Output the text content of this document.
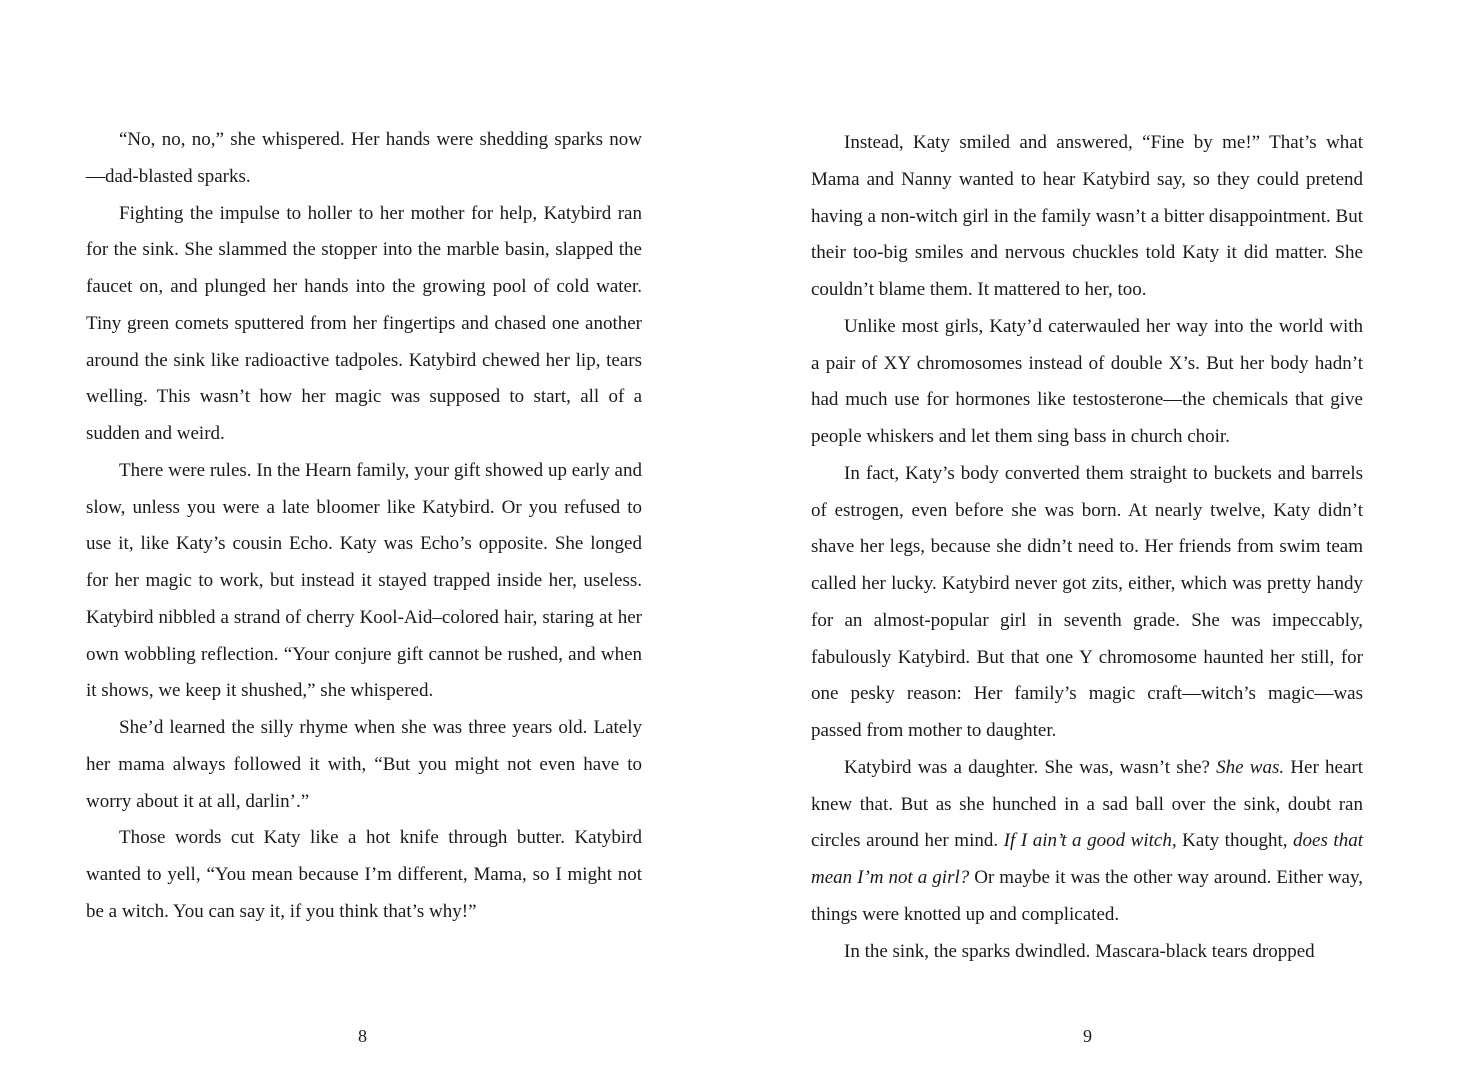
“No, no, no,” she whispered. Her hands were shedding sparks now—dad-blasted sparks.

Fighting the impulse to holler to her mother for help, Katybird ran for the sink. She slammed the stopper into the marble basin, slapped the faucet on, and plunged her hands into the growing pool of cold water. Tiny green comets sputtered from her fingertips and chased one another around the sink like radioactive tadpoles. Katybird chewed her lip, tears welling. This wasn’t how her magic was supposed to start, all of a sudden and weird.

There were rules. In the Hearn family, your gift showed up early and slow, unless you were a late bloomer like Katybird. Or you refused to use it, like Katy’s cousin Echo. Katy was Echo’s opposite. She longed for her magic to work, but instead it stayed trapped inside her, useless. Katybird nibbled a strand of cherry Kool-Aid–colored hair, staring at her own wobbling reflection. “Your conjure gift cannot be rushed, and when it shows, we keep it shushed,” she whispered.

She’d learned the silly rhyme when she was three years old. Lately her mama always followed it with, “But you might not even have to worry about it at all, darlin’.”

Those words cut Katy like a hot knife through butter. Katybird wanted to yell, “You mean because I’m different, Mama, so I might not be a witch. You can say it, if you think that’s why!”

8

Instead, Katy smiled and answered, “Fine by me!” That’s what Mama and Nanny wanted to hear Katybird say, so they could pretend having a non-witch girl in the family wasn’t a bitter disappointment. But their too-big smiles and nervous chuckles told Katy it did matter. She couldn’t blame them. It mattered to her, too.

Unlike most girls, Katy’d caterwauled her way into the world with a pair of XY chromosomes instead of double X’s. But her body hadn’t had much use for hormones like testosterone—the chemicals that give people whiskers and let them sing bass in church choir.

In fact, Katy’s body converted them straight to buckets and barrels of estrogen, even before she was born. At nearly twelve, Katy didn’t shave her legs, because she didn’t need to. Her friends from swim team called her lucky. Katybird never got zits, either, which was pretty handy for an almost-popular girl in seventh grade. She was impeccably, fabulously Katybird. But that one Y chromosome haunted her still, for one pesky reason: Her family’s magic craft—witch’s magic—was passed from mother to daughter.

Katybird was a daughter. She was, wasn’t she? She was. Her heart knew that. But as she hunched in a sad ball over the sink, doubt ran circles around her mind. If I ain’t a good witch, Katy thought, does that mean I’m not a girl? Or maybe it was the other way around. Either way, things were knotted up and complicated.

In the sink, the sparks dwindled. Mascara-black tears dropped

9
